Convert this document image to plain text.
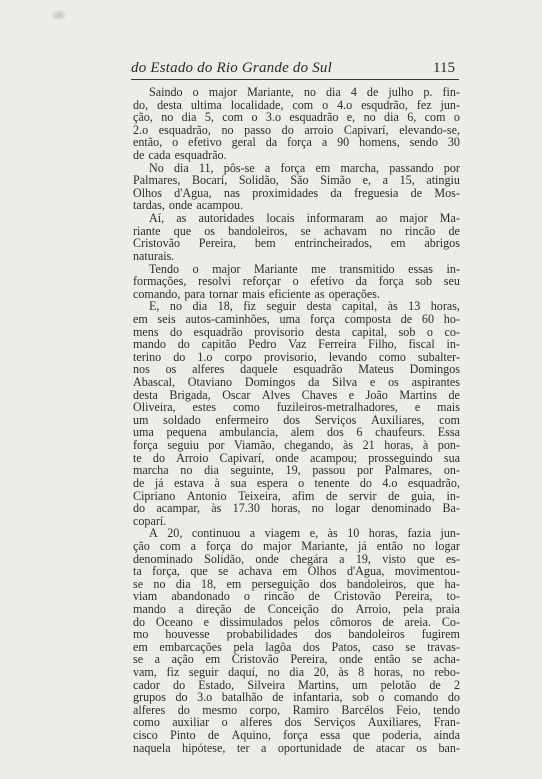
do Estado do Rio Grande do Sul	115
Saindo o major Mariante, no dia 4 de julho p. fin-
do, desta ultima localidade, com o 4.o esqudrão, fez jun-
ção, no dia 5, com o 3.o esquadrão e, no dia 6, com o
2.o esquadrão, no passo do arroio Capivarí, elevando-se,
então, o efetivo geral da força a 90 homens, sendo 30
de cada esquadrão.
No dia 11, pôs-se a força em marcha, passando por
Palmares, Bocarí, Solidão, São Simão e, a 15, atingiu
Olhos d'Agua, nas proximidades da freguesia de Mos-
tardas, onde acampou.
Aí, as autoridades locais informaram ao major Ma-
riante que os bandoleiros, se achavam no rincão de
Cristovão Pereira, bem entrincheirados, em abrigos
naturais.
Tendo o major Mariante me transmitido essas in-
formações, resolvi reforçar o efetivo da força sob seu
comando, para tornar mais eficiente as operações.
E, no dia 18, fiz seguir desta capital, às 13 horas,
em seis autos-caminhões, uma força composta de 60 ho-
mens do esquadrão provisorio desta capital, sob o co-
mando do capitão Pedro Vaz Ferreira Filho, fiscal in-
terino do 1.o corpo provisorio, levando como subalter-
nos os alferes daquele esquadrão Mateus Domingos
Abascal, Otaviano Domingos da Silva e os aspirantes
desta Brigada, Oscar Alves Chaves e João Martins de
Oliveira, estes como fuzileiros-metralhadores, e mais
um soldado enfermeiro dos Serviços Auxiliares, com
uma pequena ambulancia, alem dos 6 chaufeurs. Essa
força seguiu por Viamão, chegando, às 21 horas, à pon-
te do Arroio Capivarí, onde acampou; prosseguindo sua
marcha no dia seguinte, 19, passou por Palmares, on-
de já estava à sua espera o tenente do 4.o esquadrão,
Cipriano Antonio Teixeira, afim de servir de guia, in-
do acampar, às 17.30 horas, no logar denominado Ba-
coparí.
A 20, continuou a viagem e, às 10 horas, fazia jun-
ção com a força do major Mariante, já então no logar
denominado Solidão, onde chegára a 19, visto que es-
ta força, que se achava em Olhos d'Agua, movimentou-
se no dia 18, em perseguição dos bandoleiros, que ha-
viam abandonado o rincão de Cristovão Pereira, to-
mando a direção de Conceição do Arroio, pela praia
do Oceano e dissimulados pelos cômoros de areia. Co-
mo houvesse probabilidades dos bandoleiros fugirem
em embarcações pela lagôa dos Patos, caso se travas-
se a ação em Cristovão Pereira, onde então se acha-
vam, fiz seguir daquí, no dia 20, às 8 horas, no rebo-
cador do Estado, Silveira Martins, um pelotão de 2
grupos do 3.o batalhão de infantaria, sob o comando do
alferes do mesmo corpo, Ramiro Barcélos Feio, tendo
como auxiliar o alferes dos Serviços Auxiliares, Fran-
cisco Pinto de Aquino, força essa que poderia, ainda
naquela hipótese, ter a oportunidade de atacar os ban-
